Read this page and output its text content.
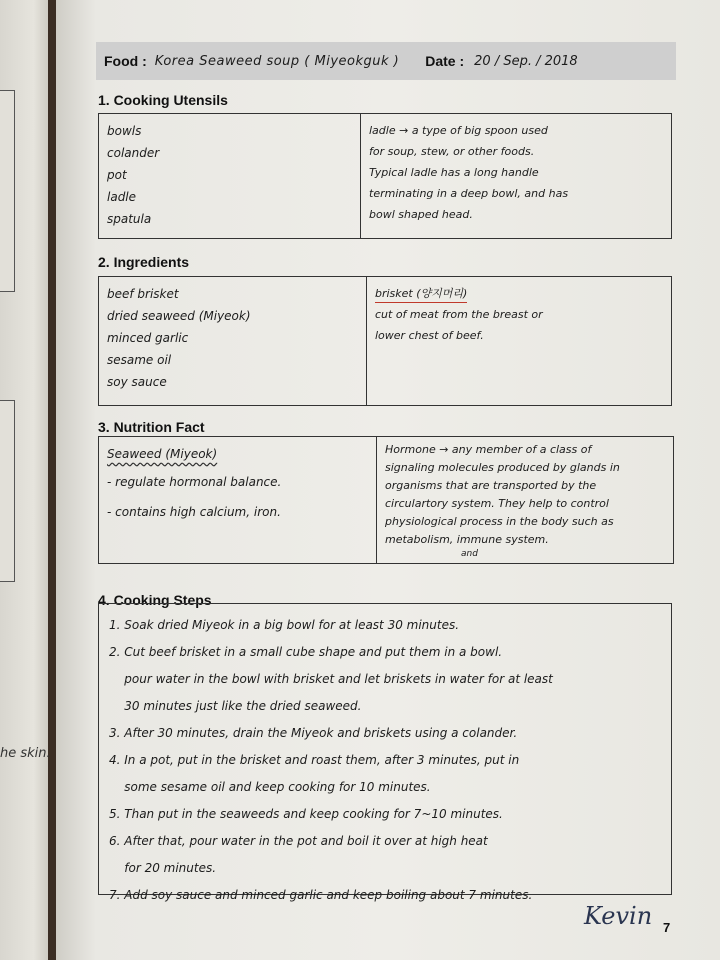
he skin.
Food : Korea Seaweed soup ( Miyeokguk ) Date : 20 / Sep. / 2018
1. Cooking Utensils
bowls
colander
pot
ladle
spatula
ladle → a type of big spoon used
for soup, stew, or other foods.
Typical ladle has a long handle
terminating in a deep bowl, and has
bowl shaped head.
2. Ingredients
beef brisket
dried seaweed (Miyeok)
minced garlic
sesame oil
soy sauce
brisket (양지머리)
cut of meat from the breast or
lower chest of beef.
3. Nutrition Fact
Seaweed (Miyeok)
- regulate hormonal balance.
- contains high calcium, iron.
Hormone → any member of a class of
signaling molecules produced by glands in
organisms that are transported by the
circulartory system. They help to control
physiological process in the body such as
metabolism, immune system.
and
4. Cooking Steps
1. Soak dried Miyeok in a big bowl for at least 30 minutes.
2. Cut beef brisket in a small cube shape and put them in a bowl.
pour water in the bowl with brisket and let briskets in water for at least
30 minutes just like the dried seaweed.
3. After 30 minutes, drain the Miyeok and briskets using a colander.
4. In a pot, put in the brisket and roast them, after 3 minutes, put in
some sesame oil and keep cooking for 10 minutes.
5. Than put in the seaweeds and keep cooking for 7~10 minutes.
6. After that, pour water in the pot and boil it over at high heat
for 20 minutes.
7. Add soy sauce and minced garlic and keep boiling about 7 minutes.
Kevin 7
